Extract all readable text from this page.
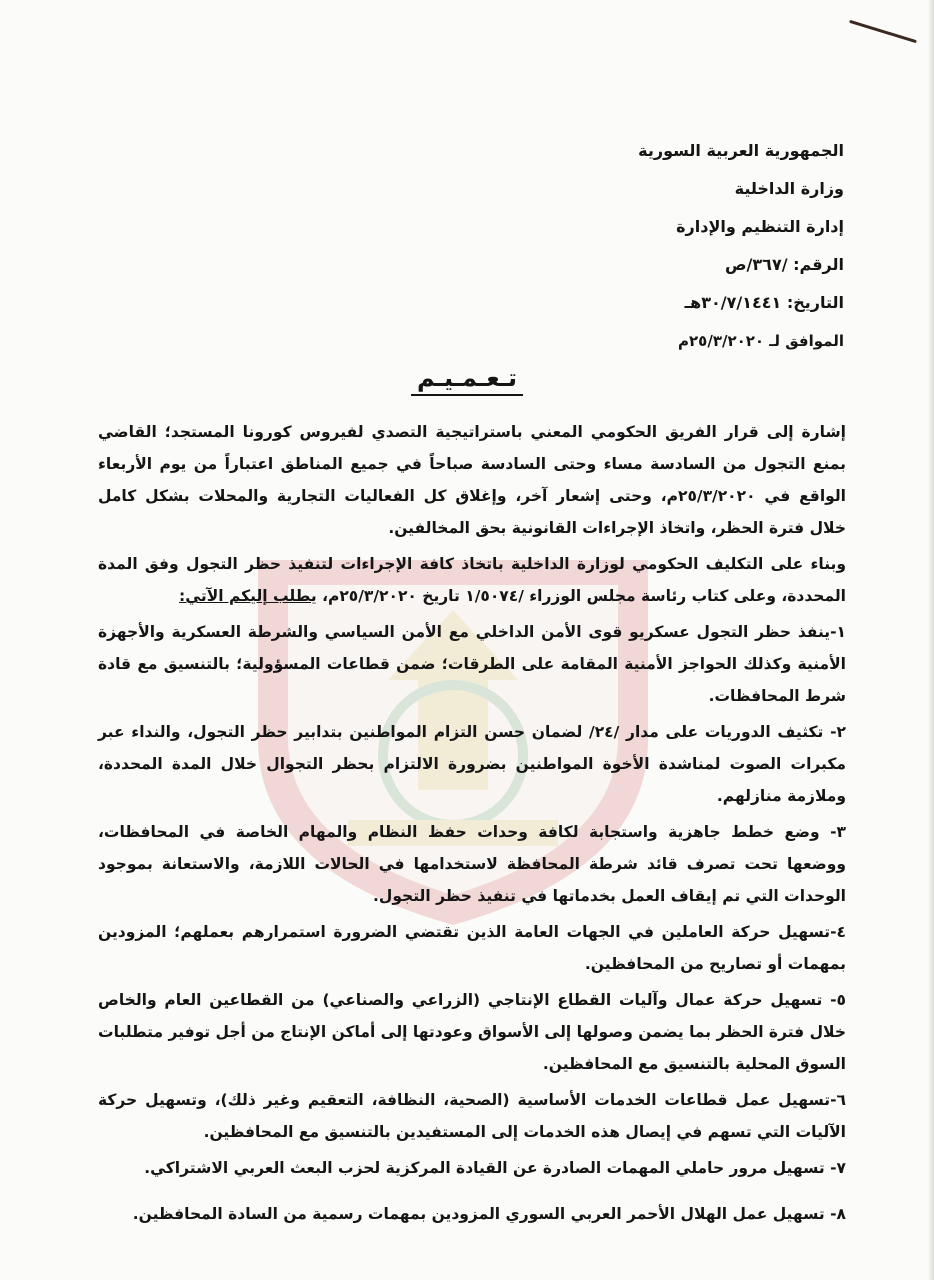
الجمهورية العربية السورية
وزارة الداخلية
إدارة التنظيم والإدارة
الرقم: /٣٦٧/ص
التاريخ: ٣٠/٧/١٤٤١هـ
الموافق لـ ٢٥/٣/٢٠٢٠م
تـعـمـيـم

إشارة إلى قرار الفريق الحكومي المعني باستراتيجية التصدي لفيروس كورونا المستجد؛ القاضي بمنع التجول من السادسة مساء وحتى السادسة صباحاً في جميع المناطق اعتباراً من يوم الأربعاء الواقع في ٢٥/٣/٢٠٢٠م، وحتى إشعار آخر، وإغلاق كل الفعاليات التجارية والمحلات بشكل كامل خلال فترة الحظر، واتخاذ الإجراءات القانونية بحق المخالفين.

وبناء على التكليف الحكومي لوزارة الداخلية باتخاذ كافة الإجراءات لتنفيذ حظر التجول وفق المدة المحددة، وعلى كتاب رئاسة مجلس الوزراء /١/٥٠٧٤ تاريخ ٢٥/٣/٢٠٢٠م، يطلب إليكم الآتي:

١-ينفذ حظر التجول عسكريو قوى الأمن الداخلي مع الأمن السياسي والشرطة العسكرية والأجهزة الأمنية وكذلك الحواجز الأمنية المقامة على الطرقات؛ ضمن قطاعات المسؤولية؛ بالتنسيق مع قادة شرط المحافظات.

٢- تكثيف الدوريات على مدار /٢٤/ لضمان حسن التزام المواطنين بتدابير حظر التجول، والنداء عبر مكبرات الصوت لمناشدة الأخوة المواطنين بضرورة الالتزام بحظر التجوال خلال المدة المحددة، وملازمة منازلهم.

٣- وضع خطط جاهزية واستجابة لكافة وحدات حفظ النظام والمهام الخاصة في المحافظات، ووضعها تحت تصرف قائد شرطة المحافظة لاستخدامها في الحالات اللازمة، والاستعانة بموجود الوحدات التي تم إيقاف العمل بخدماتها في تنفيذ حظر التجول.

٤-تسهيل حركة العاملين في الجهات العامة الذين تقتضي الضرورة استمرارهم بعملهم؛ المزودين بمهمات أو تصاريح من المحافظين.

٥- تسهيل حركة عمال وآليات القطاع الإنتاجي (الزراعي والصناعي) من القطاعين العام والخاص خلال فترة الحظر بما يضمن وصولها إلى الأسواق وعودتها إلى أماكن الإنتاج من أجل توفير متطلبات السوق المحلية بالتنسيق مع المحافظين.

٦-تسهيل عمل قطاعات الخدمات الأساسية (الصحية، النظافة، التعقيم وغير ذلك)، وتسهيل حركة الآليات التي تسهم في إيصال هذه الخدمات إلى المستفيدين بالتنسيق مع المحافظين.

٧- تسهيل مرور حاملي المهمات الصادرة عن القيادة المركزية لحزب البعث العربي الاشتراكي.

٨- تسهيل عمل الهلال الأحمر العربي السوري المزودين بمهمات رسمية من السادة المحافظين.
